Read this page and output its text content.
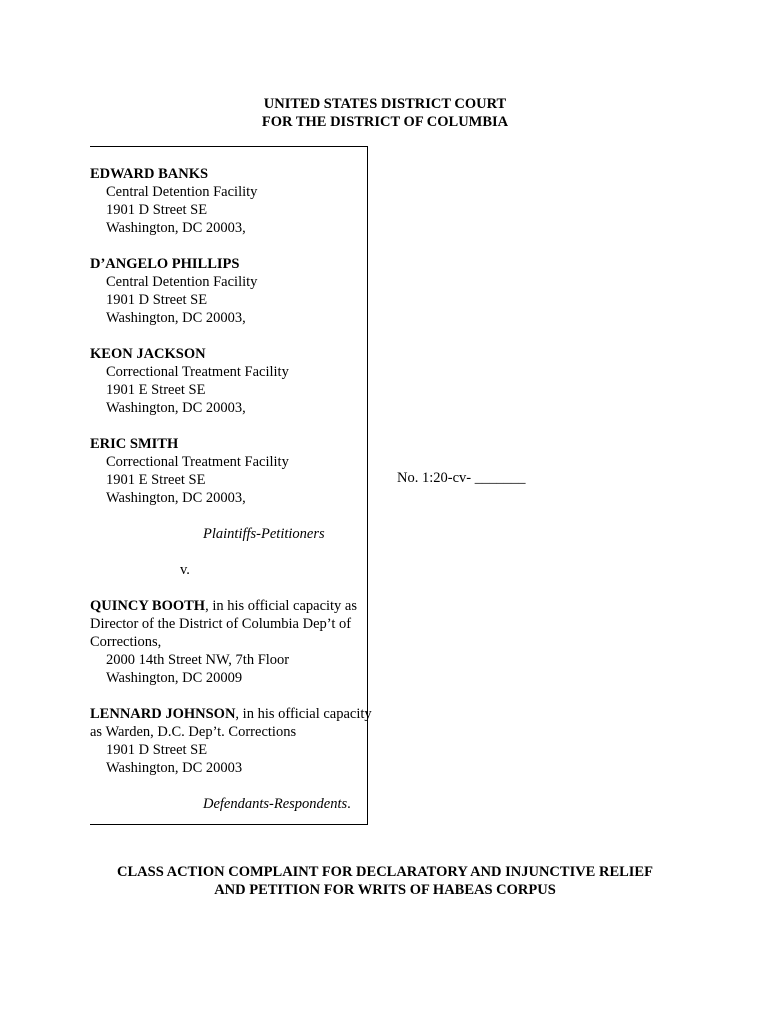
UNITED STATES DISTRICT COURT
FOR THE DISTRICT OF COLUMBIA
EDWARD BANKS
Central Detention Facility
1901 D Street SE
Washington, DC 20003,
D’ANGELO PHILLIPS
Central Detention Facility
1901 D Street SE
Washington, DC 20003,
KEON JACKSON
Correctional Treatment Facility
1901 E Street SE
Washington, DC 20003,
ERIC SMITH
Correctional Treatment Facility
1901 E Street SE
Washington, DC 20003,
Plaintiffs-Petitioners
v.
QUINCY BOOTH, in his official capacity as Director of the District of Columbia Dep’t of Corrections,
2000 14th Street NW, 7th Floor
Washington, DC 20009
LENNARD JOHNSON, in his official capacity as Warden, D.C. Dep’t. Corrections
1901 D Street SE
Washington, DC 20003
Defendants-Respondents.
No. 1:20-cv- _______
CLASS ACTION COMPLAINT FOR DECLARATORY AND INJUNCTIVE RELIEF
AND PETITION FOR WRITS OF HABEAS CORPUS
